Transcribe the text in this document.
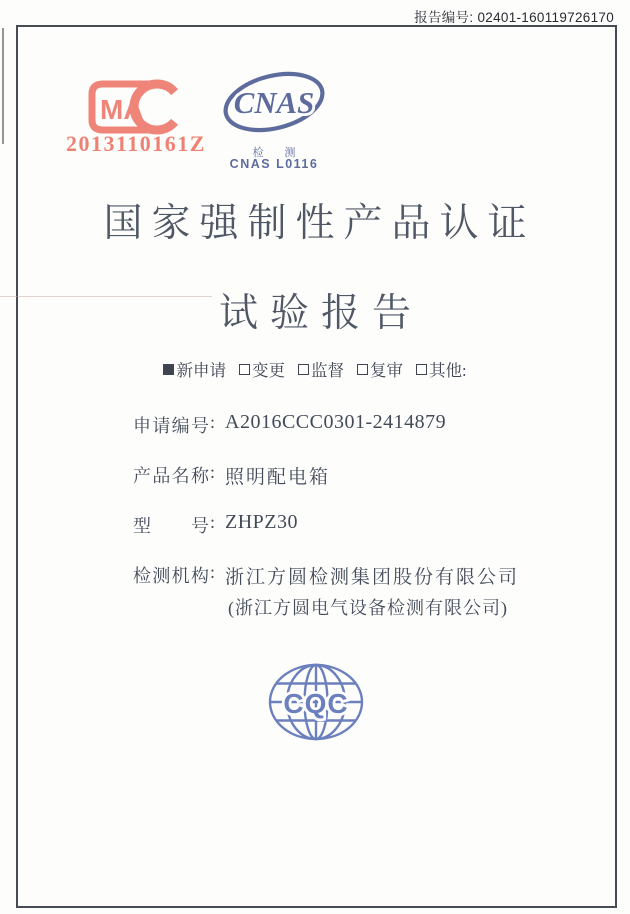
报告编号: 02401-160119726170
MA
2013110161Z
CNAS
检 测
CNAS L0116
国家强制性产品认证
试验报告
新申请 变更 监督 复审 其他:
申请编号: A2016CCC0301-2414879
产品名称: 照明配电箱
型号: ZHPZ30
检测机构: 浙江方圆检测集团股份有限公司
(浙江方圆电气设备检测有限公司)
CQC
